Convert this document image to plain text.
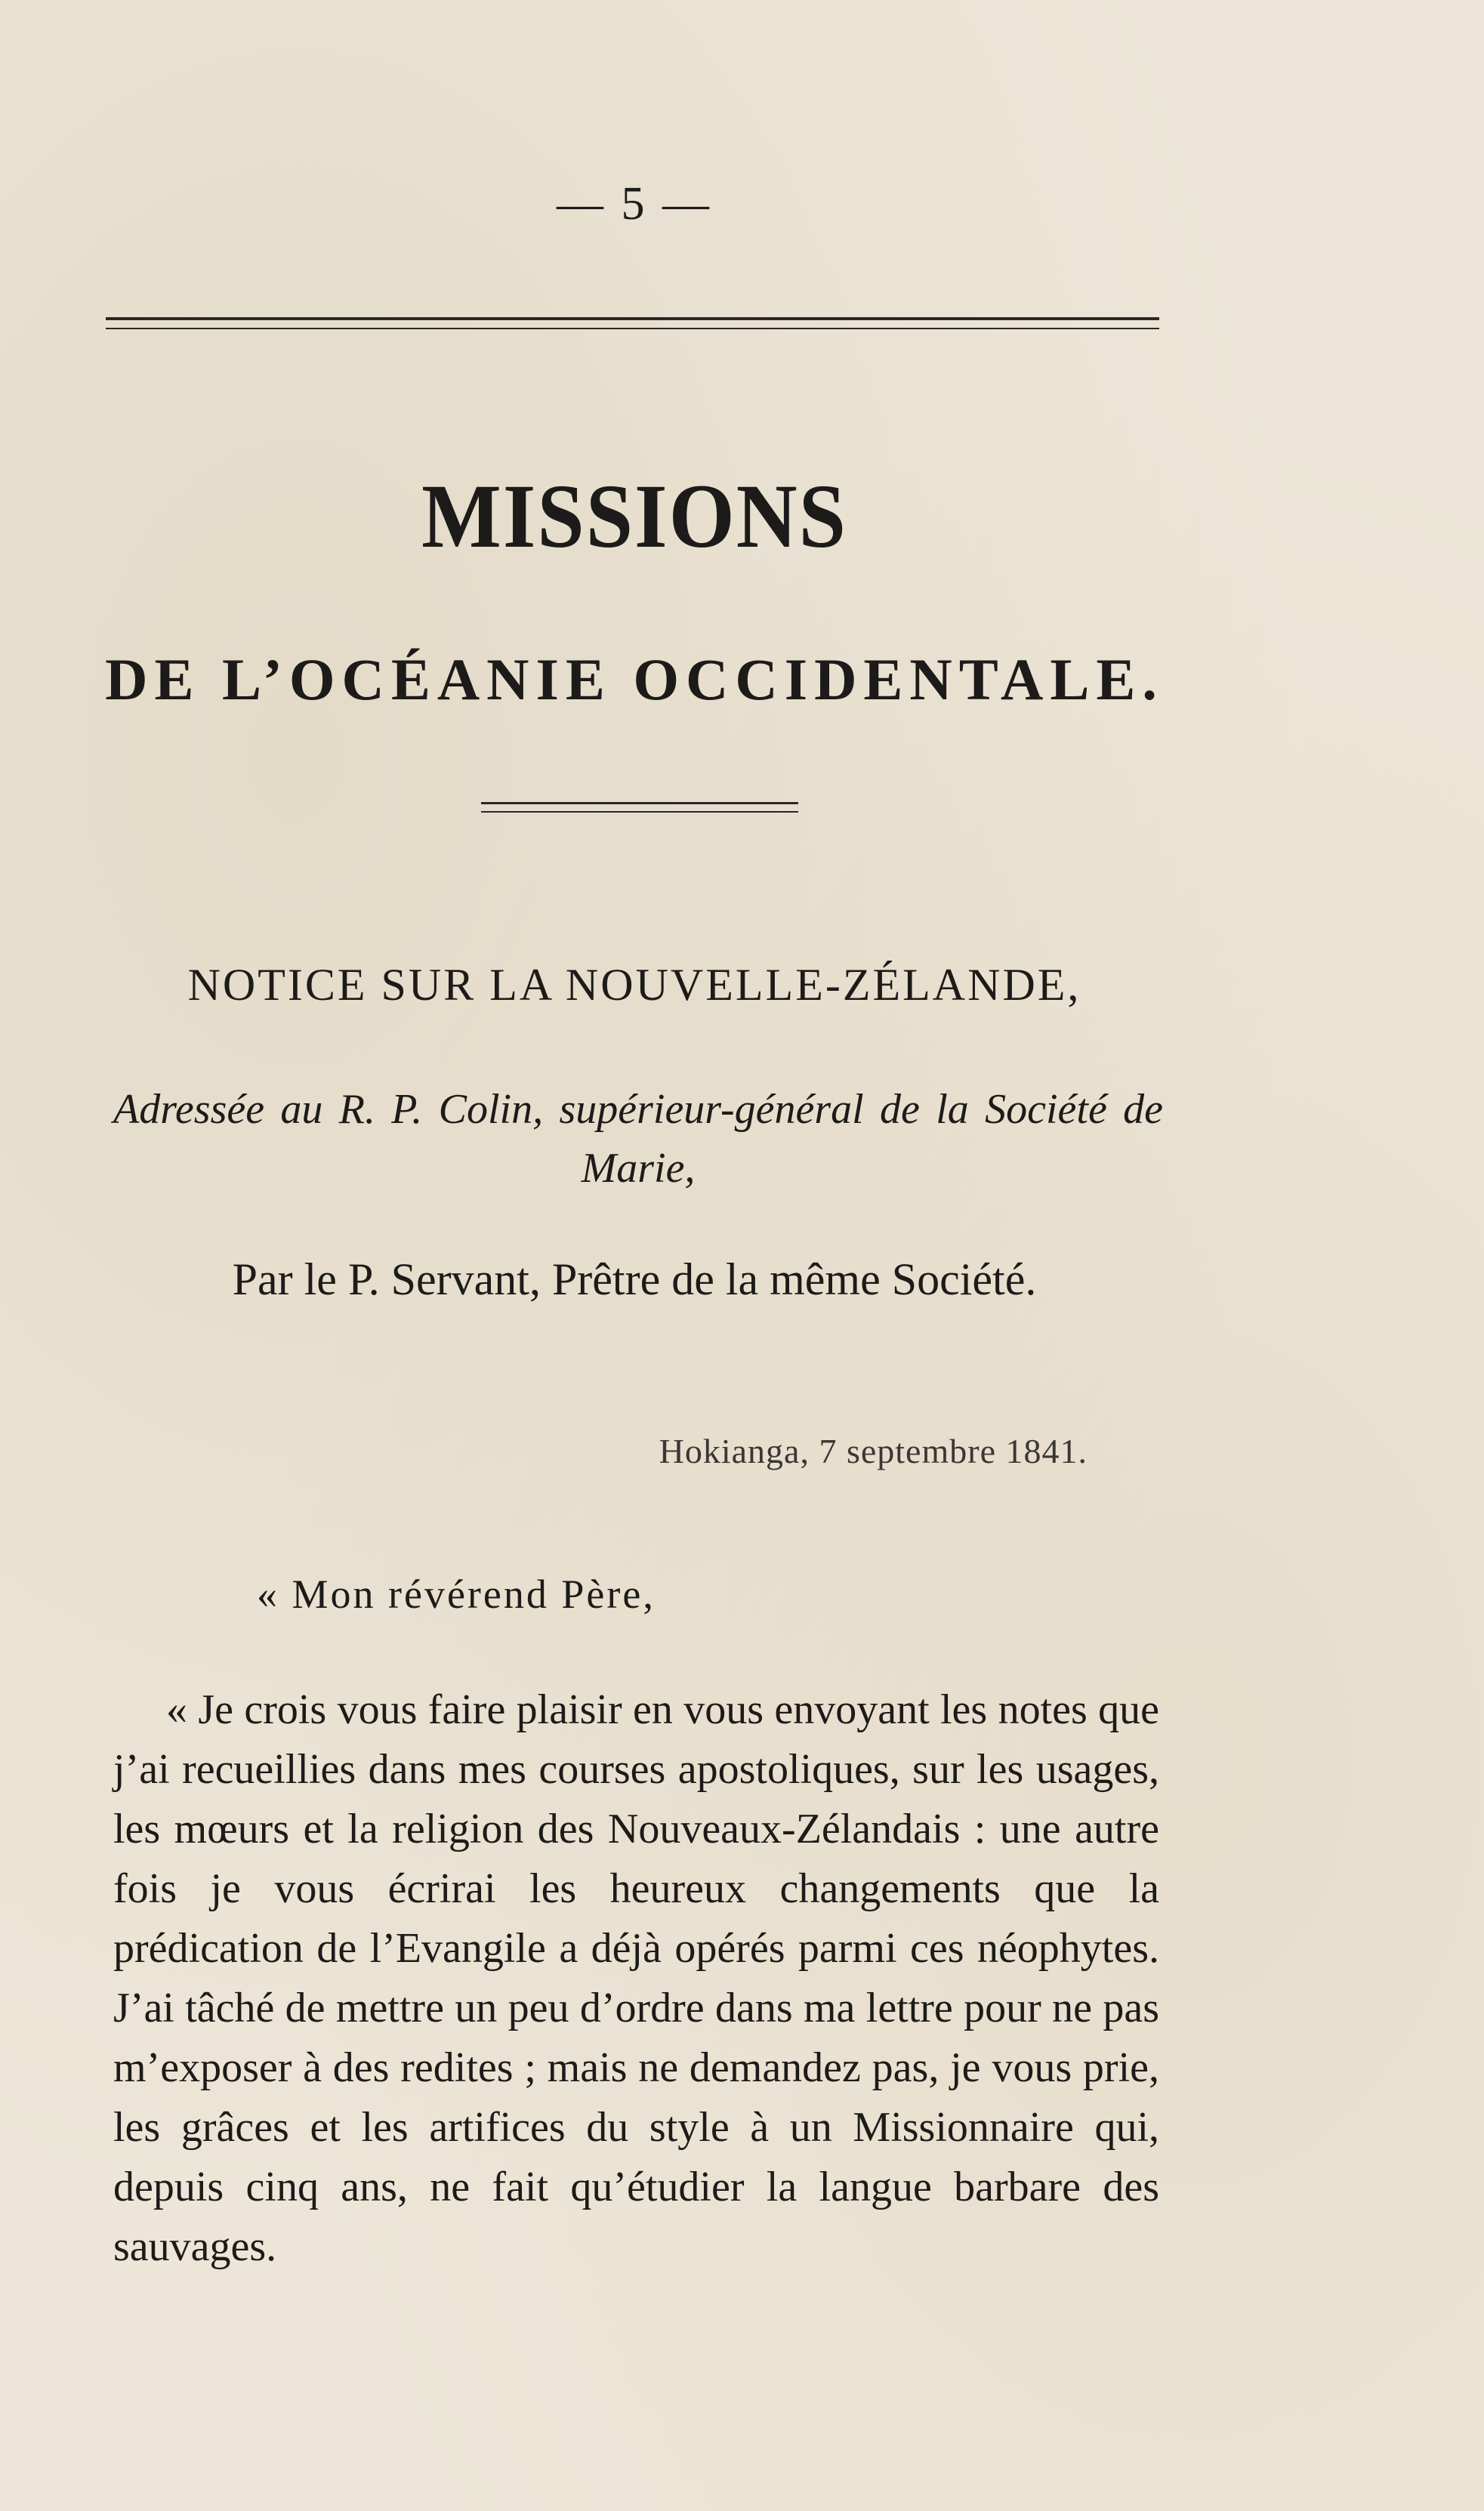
— 5 —
MISSIONS
DE L’OCÉANIE OCCIDENTALE.
NOTICE SUR LA NOUVELLE-ZÉLANDE,
Adressée au R. P. Colin, supérieur-général de la Société de Marie,
Par le P. Servant, Prêtre de la même Société.
Hokianga, 7 septembre 1841.
« Mon révérend Père,
« Je crois vous faire plaisir en vous envoyant les notes que j’ai recueillies dans mes courses apostoliques, sur les usages, les mœurs et la religion des Nouveaux-Zélandais : une autre fois je vous écrirai les heureux changements que la prédication de l’Evangile a déjà opérés parmi ces néophytes. J’ai tâché de mettre un peu d’ordre dans ma lettre pour ne pas m’exposer à des redites ; mais ne demandez pas, je vous prie, les grâces et les artifices du style à un Missionnaire qui, depuis cinq ans, ne fait qu’étudier la langue barbare des sauvages.
